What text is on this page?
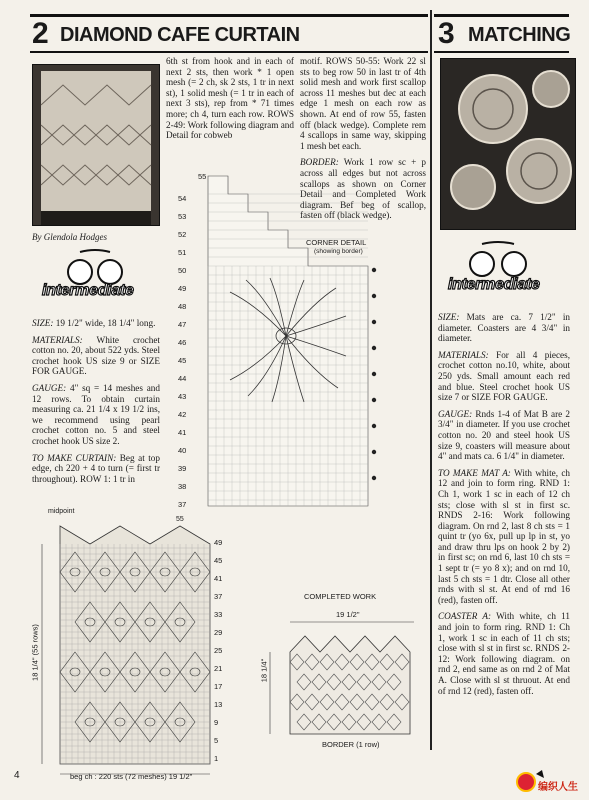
2 DIAMOND CAFE CURTAIN	3 MATCHING
By Glendola Hodges
intermediate

SIZE: 19 1/2" wide, 18 1/4" long.

MATERIALS: White crochet cotton no. 20, about 522 yds. Steel crochet hook US size 9 or SIZE FOR GAUGE.

GAUGE: 4" sq = 14 meshes and 12 rows. To obtain curtain measuring ca. 21 1/4 x 19 1/2 ins, we recommend using pearl crochet cotton no. 5 and steel crochet hook US size 2.

TO MAKE CURTAIN: Beg at top edge, ch 220 + 4 to turn (= first tr throughout). ROW 1: 1 tr in

6th st from hook and in each of next 2 sts, then work * 1 open mesh (= 2 ch, sk 2 sts, 1 tr in next st), 1 solid mesh (= 1 tr in each of next 3 sts), rep from * 71 times more; ch 4, turn each row. ROWS 2-49: Work following diagram and Detail for cobweb

motif. ROWS 50-55: Work 22 sl sts to beg row 50 in last tr of 4th solid mesh and work first scallop across 11 meshes but dec at each edge 1 mesh on each row as shown. At end of row 55, fasten off (black wedge). Complete rem 4 scallops in same way, skipping 1 mesh bet each.

BORDER: Work 1 row sc + p across all edges but not across scallops as shown on Corner Detail and Completed Work diagram. Bef beg of scallop, fasten off (black wedge).

CORNER DETAIL
(showing border)
55
54
53
52
51
50
49
48
47
46
45
44
43
42
41
40
39
38
37
midpoint
55
18 1/4" (55 rows)
49
45
41
37
33
29
25
21
17
13
9
5
1
beg ch : 220 sts (72 meshes) 19 1/2"
COMPLETED WORK
19 1/2"
18 1/4"
BORDER (1 row)
intermediate

SIZE: Mats are ca. 7 1/2" in diameter. Coasters are 4 3/4" in diameter.

MATERIALS: For all 4 pieces, crochet cotton no.10, white, about 250 yds. Small amount each red and blue. Steel crochet hook US size 7 or SIZE FOR GAUGE.

GAUGE: Rnds 1-4 of Mat B are 2 3/4" in diameter. If you use crochet cotton no. 20 and steel hook US size 9, coasters will measure about 4" and mats ca. 6 1/4" in diameter.

TO MAKE MAT A: With white, ch 12 and join to form ring. RND 1: Ch 1, work 1 sc in each of 12 ch sts; close with sl st in first sc. RNDS 2-16: Work following diagram. On rnd 2, last 8 ch sts = 1 quint tr (yo 6x, pull up lp in st, yo and draw thru lps on hook 2 by 2) in first sc; on rnd 6, last 10 ch sts = 1 sept tr (= yo 8 x); and on rnd 10, last 5 ch sts = 1 dtr. Close all other rnds with sl st. At end of rnd 16 (red), fasten off.

COASTER A: With white, ch 11 and join to form ring. RND 1: Ch 1, work 1 sc in each of 11 ch sts; close with sl st in first sc. RNDS 2-12: Work following diagram. on rnd 2, end same as on rnd 2 of Mat A. Close with sl st thruout. At end of rnd 12 (red), fasten off.

4
编织人生
